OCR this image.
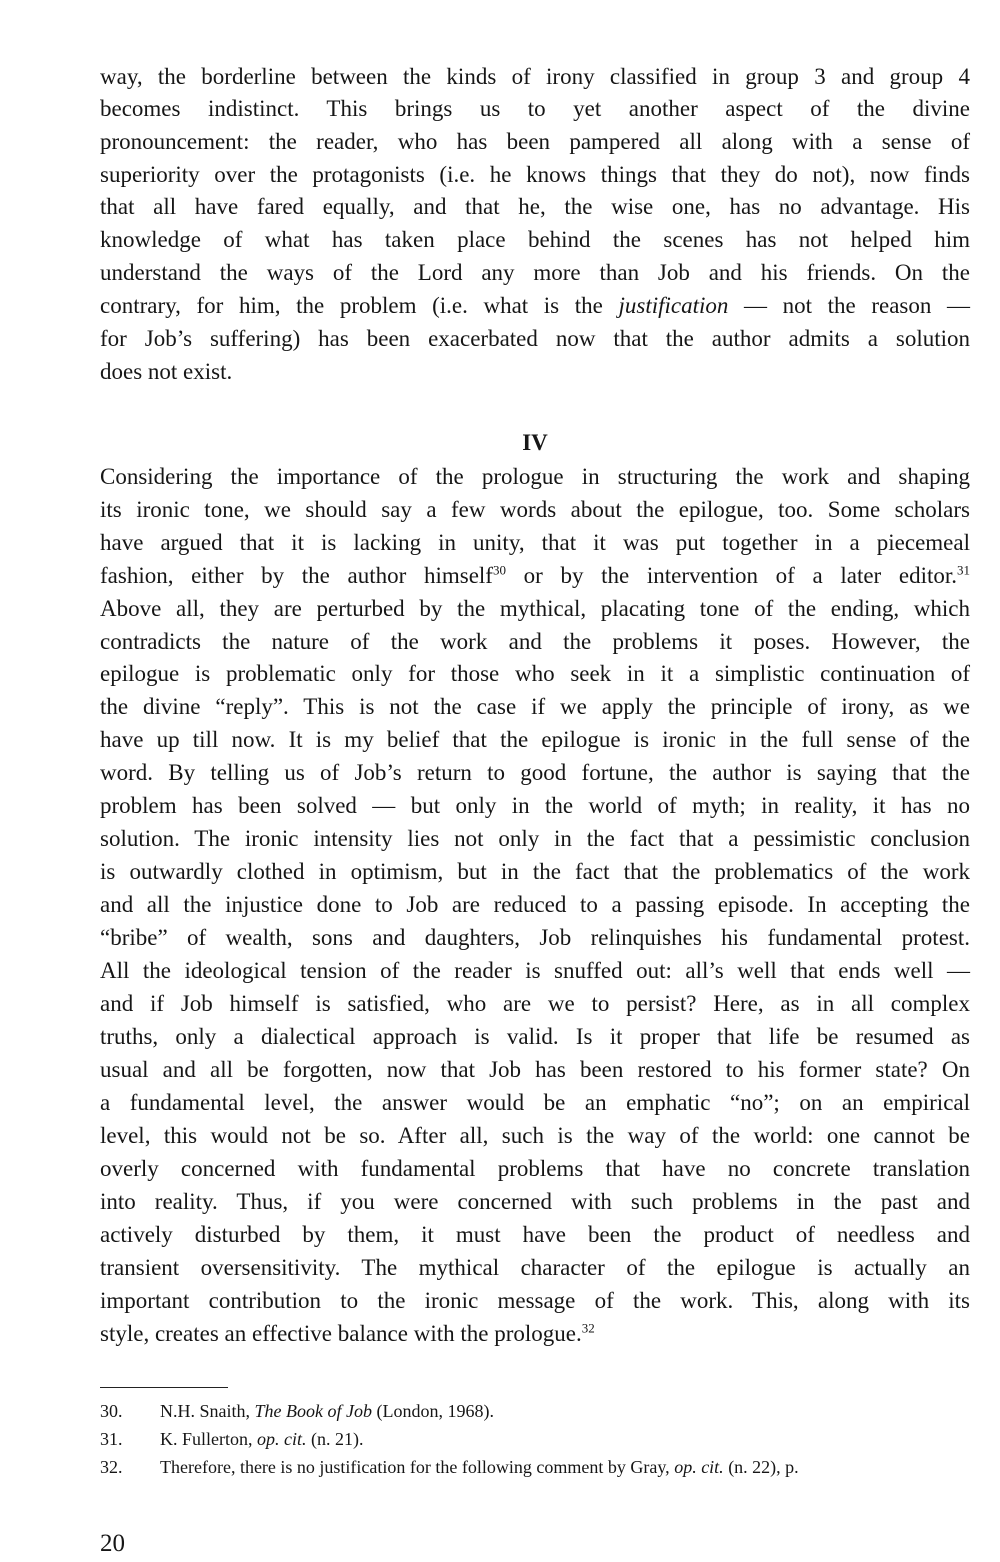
way, the borderline between the kinds of irony classified in group 3 and group 4
becomes indistinct. This brings us to yet another aspect of the divine
pronouncement: the reader, who has been pampered all along with a sense of
superiority over the protagonists (i.e. he knows things that they do not), now finds
that all have fared equally, and that he, the wise one, has no advantage. His
knowledge of what has taken place behind the scenes has not helped him
understand the ways of the Lord any more than Job and his friends. On the
contrary, for him, the problem (i.e. what is the justification — not the reason —
for Job’s suffering) has been exacerbated now that the author admits a solution
does not exist.
IV
Considering the importance of the prologue in structuring the work and shaping
its ironic tone, we should say a few words about the epilogue, too. Some scholars
have argued that it is lacking in unity, that it was put together in a piecemeal
fashion, either by the author himself$^{30}$ or by the intervention of a later editor.$^{31}$
Above all, they are perturbed by the mythical, placating tone of the ending, which
contradicts the nature of the work and the problems it poses. However, the
epilogue is problematic only for those who seek in it a simplistic continuation of
the divine “reply”. This is not the case if we apply the principle of irony, as we
have up till now. It is my belief that the epilogue is ironic in the full sense of the
word. By telling us of Job’s return to good fortune, the author is saying that the
problem has been solved — but only in the world of myth; in reality, it has no
solution. The ironic intensity lies not only in the fact that a pessimistic conclusion
is outwardly clothed in optimism, but in the fact that the problematics of the work
and all the injustice done to Job are reduced to a passing episode. In accepting the
“bribe” of wealth, sons and daughters, Job relinquishes his fundamental protest.
All the ideological tension of the reader is snuffed out: all’s well that ends well —
and if Job himself is satisfied, who are we to persist? Here, as in all complex
truths, only a dialectical approach is valid. Is it proper that life be resumed as
usual and all be forgotten, now that Job has been restored to his former state? On
a fundamental level, the answer would be an emphatic “no”; on an empirical
level, this would not be so. After all, such is the way of the world: one cannot be
overly concerned with fundamental problems that have no concrete translation
into reality. Thus, if you were concerned with such problems in the past and
actively disturbed by them, it must have been the product of needless and
transient oversensitivity. The mythical character of the epilogue is actually an
important contribution to the ironic message of the work. This, along with its
style, creates an effective balance with the prologue.$^{32}$
30. N.H. Snaith, The Book of Job (London, 1968).
31. K. Fullerton, op. cit. (n. 21).
32. Therefore, there is no justification for the following comment by Gray, op. cit. (n. 22), p.
20
